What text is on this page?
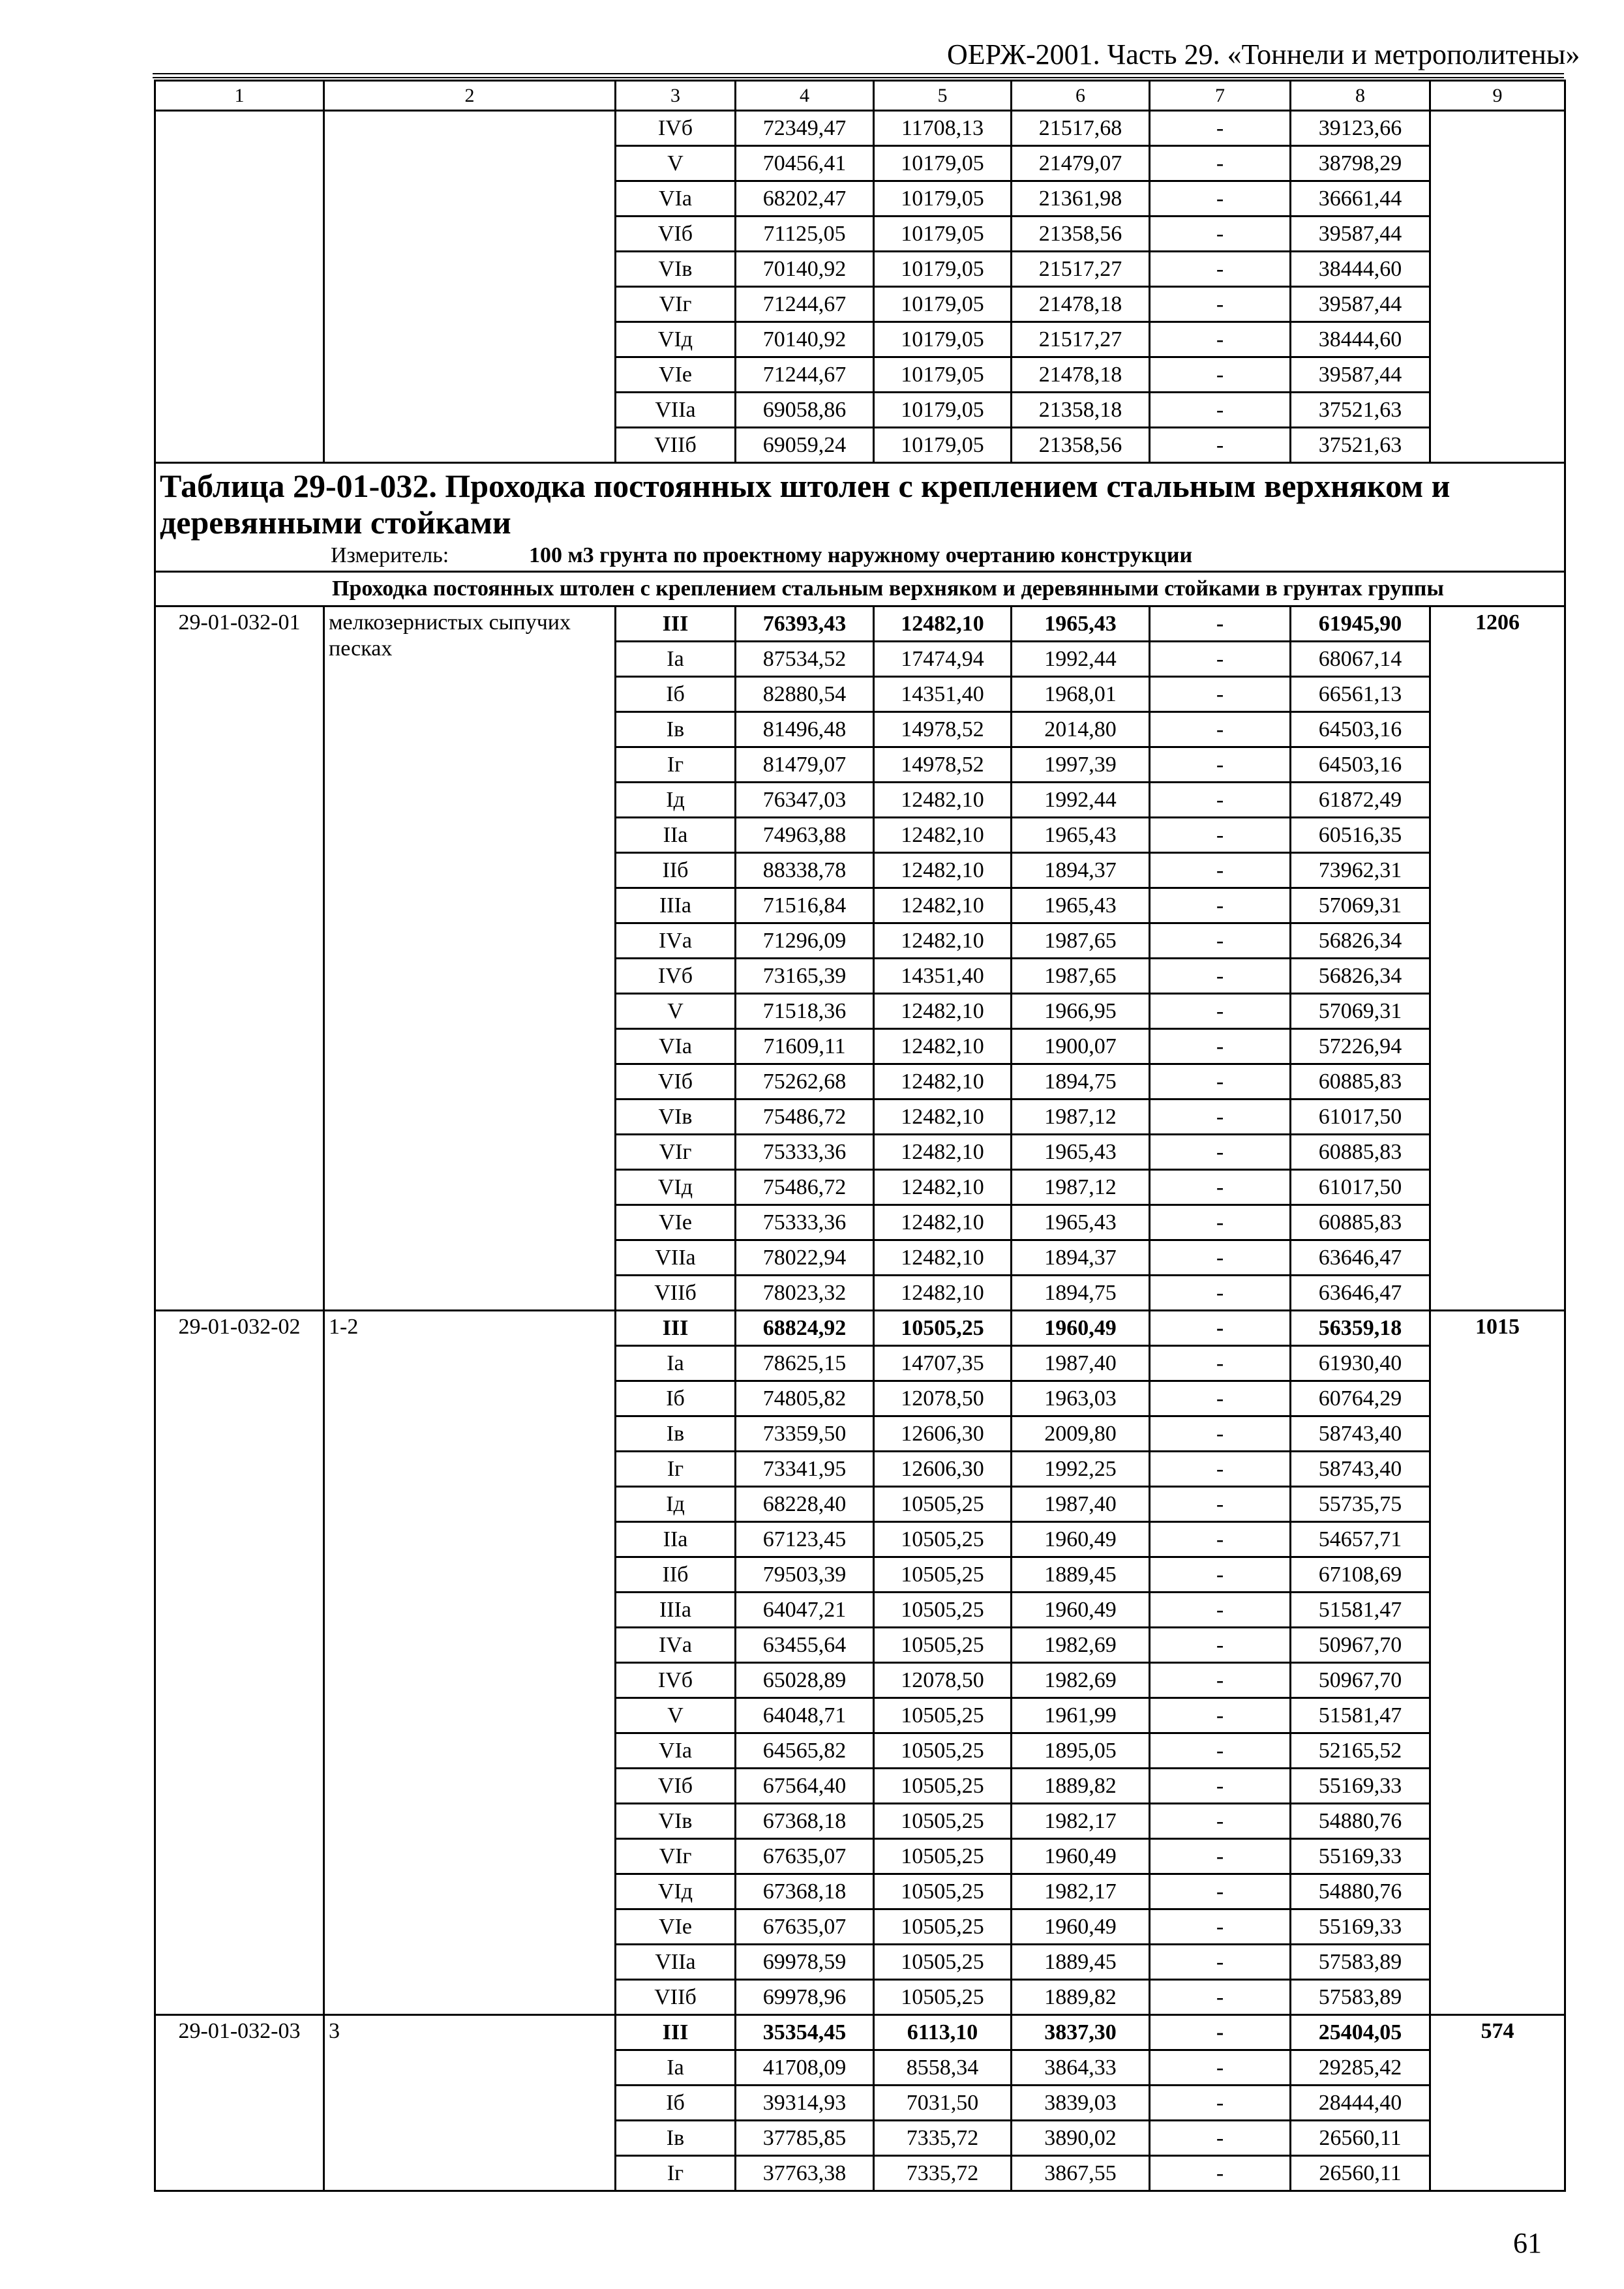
ОЕРЖ-2001. Часть 29. «Тоннели и метрополитены»
1	2	3	4	5	6	7	8	9
		IVб	72349,47	11708,13	21517,68	-	39123,66	
		V	70456,41	10179,05	21479,07	-	38798,29	
		VIа	68202,47	10179,05	21361,98	-	36661,44	
		VIб	71125,05	10179,05	21358,56	-	39587,44	
		VIв	70140,92	10179,05	21517,27	-	38444,60	
		VIг	71244,67	10179,05	21478,18	-	39587,44	
		VIд	70140,92	10179,05	21517,27	-	38444,60	
		VIе	71244,67	10179,05	21478,18	-	39587,44	
		VIIа	69058,86	10179,05	21358,18	-	37521,63	
		VIIб	69059,24	10179,05	21358,56	-	37521,63	

Таблица 29-01-032. Проходка постоянных штолен с креплением стальным верхняком и деревянными стойками
Измеритель: 100 м3 грунта по проектному наружному очертанию конструкции								

Проходка постоянных штолен с креплением стальным верхняком и деревянными стойками в грунтах группы								
29-01-032-01	мелкозернистых сыпучих песках	III	76393,43	12482,10	1965,43	-	61945,90	1206
		Iа	87534,52	17474,94	1992,44	-	68067,14	
		Iб	82880,54	14351,40	1968,01	-	66561,13	
		Iв	81496,48	14978,52	2014,80	-	64503,16	
		Iг	81479,07	14978,52	1997,39	-	64503,16	
		Iд	76347,03	12482,10	1992,44	-	61872,49	
		IIа	74963,88	12482,10	1965,43	-	60516,35	
		IIб	88338,78	12482,10	1894,37	-	73962,31	
		IIIа	71516,84	12482,10	1965,43	-	57069,31	
		IVа	71296,09	12482,10	1987,65	-	56826,34	
		IVб	73165,39	14351,40	1987,65	-	56826,34	
		V	71518,36	12482,10	1966,95	-	57069,31	
		VIа	71609,11	12482,10	1900,07	-	57226,94	
		VIб	75262,68	12482,10	1894,75	-	60885,83	
		VIв	75486,72	12482,10	1987,12	-	61017,50	
		VIг	75333,36	12482,10	1965,43	-	60885,83	
		VIд	75486,72	12482,10	1987,12	-	61017,50	
		VIе	75333,36	12482,10	1965,43	-	60885,83	
		VIIа	78022,94	12482,10	1894,37	-	63646,47	
		VIIб	78023,32	12482,10	1894,75	-	63646,47	
29-01-032-02	1-2	III	68824,92	10505,25	1960,49	-	56359,18	1015
		Iа	78625,15	14707,35	1987,40	-	61930,40	
		Iб	74805,82	12078,50	1963,03	-	60764,29	
		Iв	73359,50	12606,30	2009,80	-	58743,40	
		Iг	73341,95	12606,30	1992,25	-	58743,40	
		Iд	68228,40	10505,25	1987,40	-	55735,75	
		IIа	67123,45	10505,25	1960,49	-	54657,71	
		IIб	79503,39	10505,25	1889,45	-	67108,69	
		IIIа	64047,21	10505,25	1960,49	-	51581,47	
		IVа	63455,64	10505,25	1982,69	-	50967,70	
		IVб	65028,89	12078,50	1982,69	-	50967,70	
		V	64048,71	10505,25	1961,99	-	51581,47	
		VIа	64565,82	10505,25	1895,05	-	52165,52	
		VIб	67564,40	10505,25	1889,82	-	55169,33	
		VIв	67368,18	10505,25	1982,17	-	54880,76	
		VIг	67635,07	10505,25	1960,49	-	55169,33	
		VIд	67368,18	10505,25	1982,17	-	54880,76	
		VIе	67635,07	10505,25	1960,49	-	55169,33	
		VIIа	69978,59	10505,25	1889,45	-	57583,89	
		VIIб	69978,96	10505,25	1889,82	-	57583,89	
29-01-032-03	3	III	35354,45	6113,10	3837,30	-	25404,05	574
		Iа	41708,09	8558,34	3864,33	-	29285,42	
		Iб	39314,93	7031,50	3839,03	-	28444,40	
		Iв	37785,85	7335,72	3890,02	-	26560,11	
		Iг	37763,38	7335,72	3867,55	-	26560,11	
61
